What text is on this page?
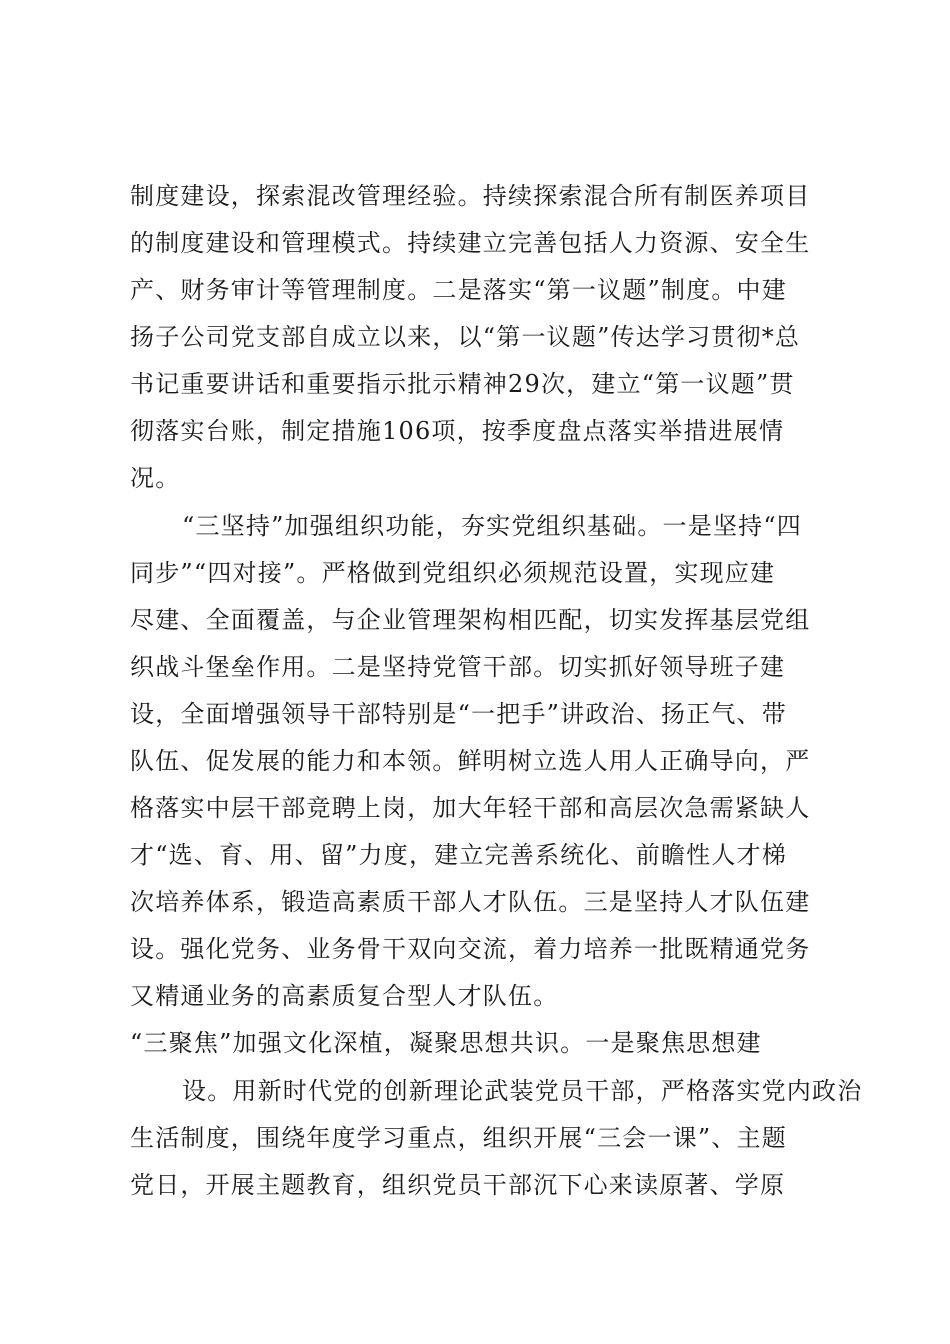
制度建设，探索混改管理经验。持续探索混合所有制医养项目
的制度建设和管理模式。持续建立完善包括人力资源、安全生
产、财务审计等管理制度。二是落实“第一议题”制度。中建
扬子公司党支部自成立以来，以“第一议题”传达学习贯彻*总
书记重要讲话和重要指示批示精神29次，建立“第一议题”贯
彻落实台账，制定措施106项，按季度盘点落实举措进展情
况。
“三坚持”加强组织功能，夯实党组织基础。一是坚持“四
同步”“四对接”。严格做到党组织必须规范设置，实现应建
尽建、全面覆盖，与企业管理架构相匹配，切实发挥基层党组
织战斗堡垒作用。二是坚持党管干部。切实抓好领导班子建
设，全面增强领导干部特别是“一把手”讲政治、扬正气、带
队伍、促发展的能力和本领。鲜明树立选人用人正确导向，严
格落实中层干部竞聘上岗，加大年轻干部和高层次急需紧缺人
才“选、育、用、留”力度，建立完善系统化、前瞻性人才梯
次培养体系，锻造高素质干部人才队伍。三是坚持人才队伍建
设。强化党务、业务骨干双向交流，着力培养一批既精通党务
又精通业务的高素质复合型人才队伍。
“三聚焦”加强文化深植，凝聚思想共识。一是聚焦思想建
设。用新时代党的创新理论武装党员干部，严格落实党内政治
生活制度，围绕年度学习重点，组织开展“三会一课”、主题
党日，开展主题教育，组织党员干部沉下心来读原著、学原
